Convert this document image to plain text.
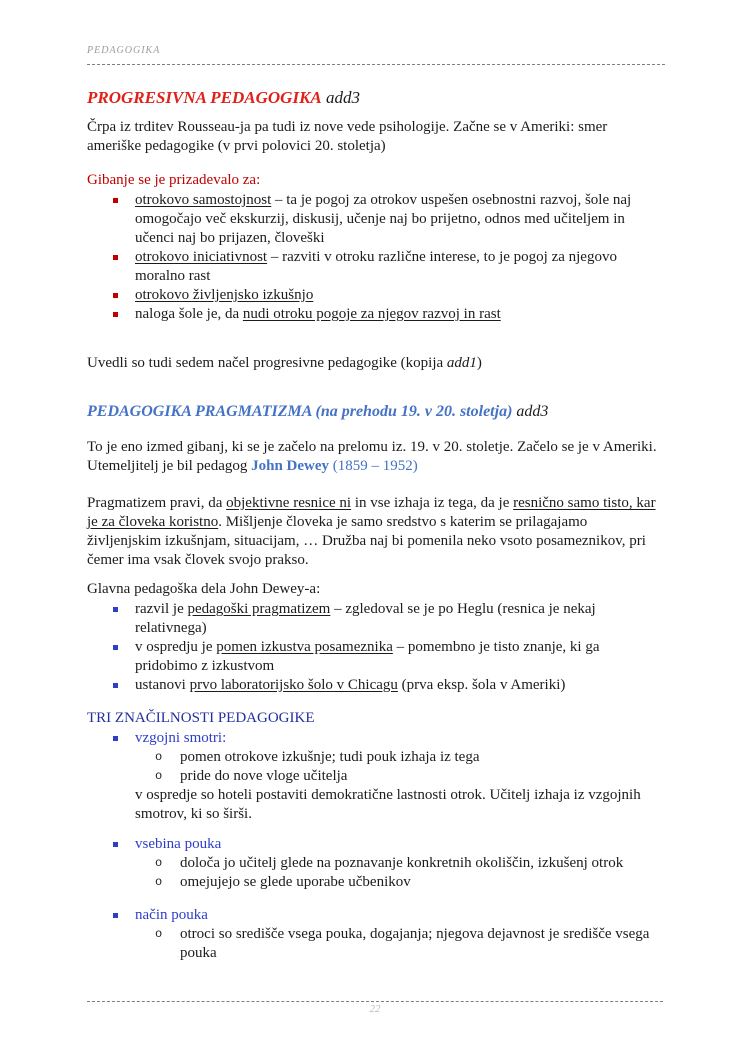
PEDAGOGIKA
PROGRESIVNA PEDAGOGIKA add3

Črpa iz trditev Rousseau-ja pa tudi iz nove vede psihologije. Začne se v Ameriki: smer ameriške pedagogike (v prvi polovici 20. stoletja)

Gibanje se je prizadevalo za:

otrokovo samostojnost – ta je pogoj za otrokov uspešen osebnostni razvoj, šole naj omogočajo več ekskurzij, diskusij, učenje naj bo prijetno, odnos med učiteljem in učenci naj bo prijazen, človeški
otrokovo iniciativnost – razviti v otroku različne interese, to je pogoj za njegovo moralno rast
otrokovo življenjsko izkušnjo
naloga šole je, da nudi otroku pogoje za njegov razvoj in rast

Uvedli so tudi sedem načel progresivne pedagogike (kopija add1)

PEDAGOGIKA PRAGMATIZMA (na prehodu 19. v 20. stoletja) add3

To je eno izmed gibanj, ki se je začelo na prelomu iz. 19. v 20. stoletje. Začelo se je v Ameriki. Utemeljitelj je bil pedagog John Dewey (1859 – 1952)

Pragmatizem pravi, da objektivne resnice ni in vse izhaja iz tega, da je resnično samo tisto, kar je za človeka koristno. Mišljenje človeka je samo sredstvo s katerim se prilagajamo življenjskim izkušnjam, situacijam, … Družba naj bi pomenila neko vsoto posameznikov, pri čemer ima vsak človek svojo prakso.

Glavna pedagoška dela John Dewey-a:

razvil je pedagoški pragmatizem – zgledoval se je po Heglu (resnica je nekaj relativnega)
v ospredju je pomen izkustva posameznika – pomembno je tisto znanje, ki ga pridobimo z izkustvom
ustanovi prvo laboratorijsko šolo v Chicagu (prva eksp. šola v Ameriki)

TRI ZNAČILNOSTI PEDAGOGIKE

vzgojni smotri:
o pomen otrokove izkušnje; tudi pouk izhaja iz tega
o pride do nove vloge učitelja
v ospredje so hoteli postaviti demokratične lastnosti otrok. Učitelj izhaja iz vzgojnih smotrov, ki so širši.
vsebina pouka
o določa jo učitelj glede na poznavanje konkretnih okoliščin, izkušenj otrok
o omejujejo se glede uporabe učbenikov
način pouka
o otroci so središče vsega pouka, dogajanja; njegova dejavnost je središče vsega pouka
22
